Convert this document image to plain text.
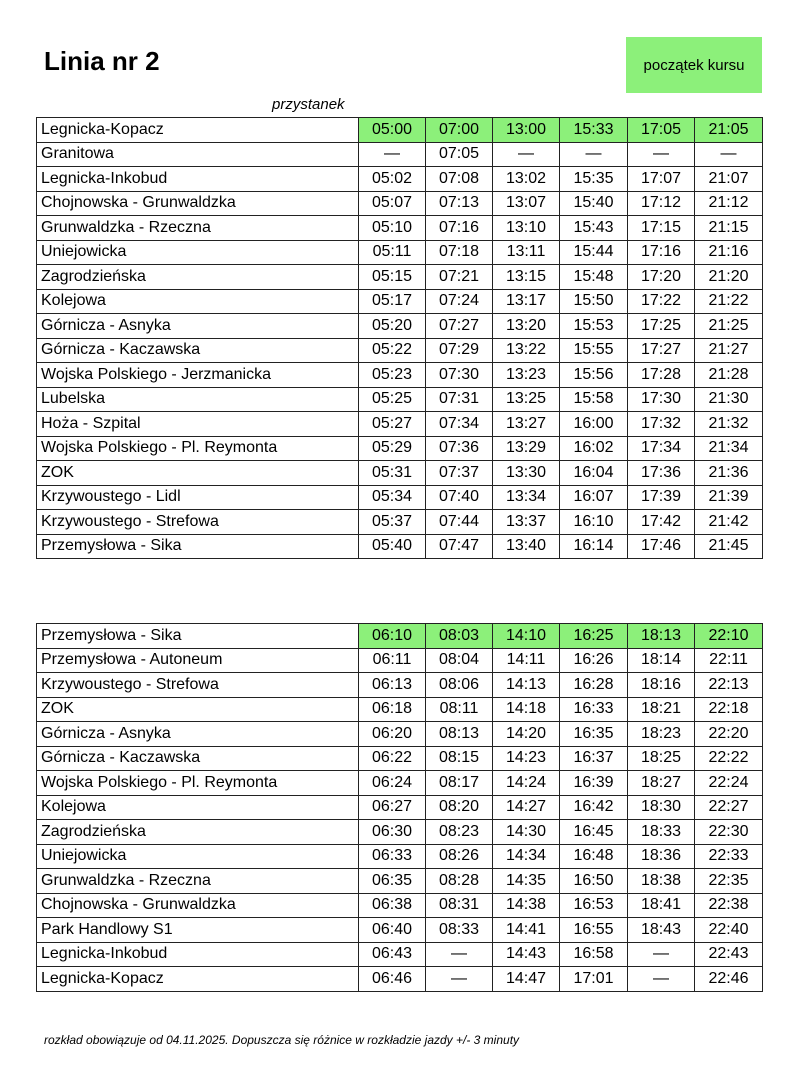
Linia nr 2	początek kursu
przystanek
Legnicka-Kopacz	05:00	07:00	13:00	15:33	17:05	21:05
Granitowa	—	07:05	—	—	—	—
Legnicka-Inkobud	05:02	07:08	13:02	15:35	17:07	21:07
Chojnowska - Grunwaldzka	05:07	07:13	13:07	15:40	17:12	21:12
Grunwaldzka - Rzeczna	05:10	07:16	13:10	15:43	17:15	21:15
Uniejowicka	05:11	07:18	13:11	15:44	17:16	21:16
Zagrodzieńska	05:15	07:21	13:15	15:48	17:20	21:20
Kolejowa	05:17	07:24	13:17	15:50	17:22	21:22
Górnicza - Asnyka	05:20	07:27	13:20	15:53	17:25	21:25
Górnicza - Kaczawska	05:22	07:29	13:22	15:55	17:27	21:27
Wojska Polskiego - Jerzmanicka	05:23	07:30	13:23	15:56	17:28	21:28
Lubelska	05:25	07:31	13:25	15:58	17:30	21:30
Hoża - Szpital	05:27	07:34	13:27	16:00	17:32	21:32
Wojska Polskiego - Pl. Reymonta	05:29	07:36	13:29	16:02	17:34	21:34
ZOK	05:31	07:37	13:30	16:04	17:36	21:36
Krzywoustego - Lidl	05:34	07:40	13:34	16:07	17:39	21:39
Krzywoustego - Strefowa	05:37	07:44	13:37	16:10	17:42	21:42
Przemysłowa - Sika	05:40	07:47	13:40	16:14	17:46	21:45
Przemysłowa - Sika	06:10	08:03	14:10	16:25	18:13	22:10
Przemysłowa - Autoneum	06:11	08:04	14:11	16:26	18:14	22:11
Krzywoustego - Strefowa	06:13	08:06	14:13	16:28	18:16	22:13
ZOK	06:18	08:11	14:18	16:33	18:21	22:18
Górnicza - Asnyka	06:20	08:13	14:20	16:35	18:23	22:20
Górnicza - Kaczawska	06:22	08:15	14:23	16:37	18:25	22:22
Wojska Polskiego - Pl. Reymonta	06:24	08:17	14:24	16:39	18:27	22:24
Kolejowa	06:27	08:20	14:27	16:42	18:30	22:27
Zagrodzieńska	06:30	08:23	14:30	16:45	18:33	22:30
Uniejowicka	06:33	08:26	14:34	16:48	18:36	22:33
Grunwaldzka - Rzeczna	06:35	08:28	14:35	16:50	18:38	22:35
Chojnowska - Grunwaldzka	06:38	08:31	14:38	16:53	18:41	22:38
Park Handlowy S1	06:40	08:33	14:41	16:55	18:43	22:40
Legnicka-Inkobud	06:43	—	14:43	16:58	—	22:43
Legnicka-Kopacz	06:46	—	14:47	17:01	—	22:46
rozkład obowiązuje od 04.11.2025. Dopuszcza się różnice w rozkładzie jazdy +/- 3 minuty
